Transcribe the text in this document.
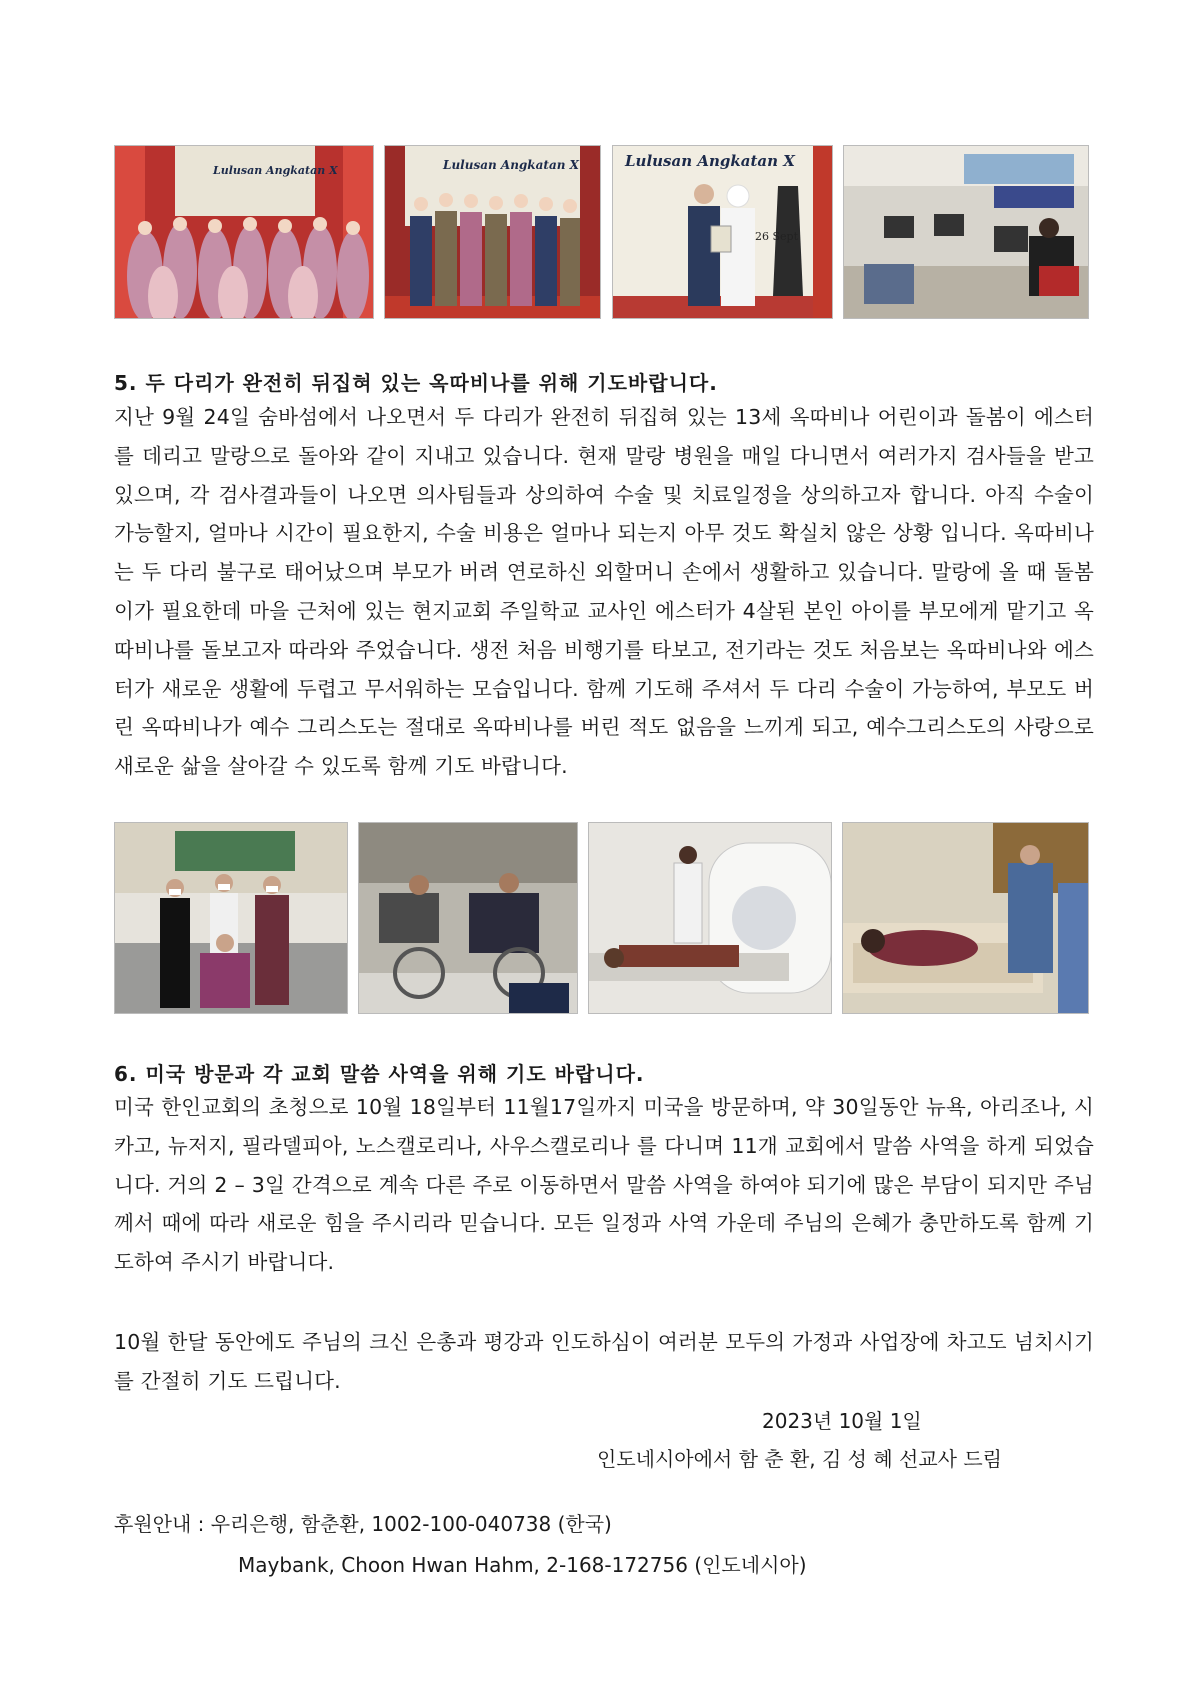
Lulusan Angkatan X	Lulusan Angkatan X	Lulusan Angkatan X
26 Sept
5. 두 다리가 완전히 뒤집혀 있는 옥따비나를 위해 기도바랍니다.

지난 9월 24일 숨바섬에서 나오면서 두 다리가 완전히 뒤집혀 있는 13세 옥따비나 어린이과 돌봄이 에스터를 데리고 말랑으로 돌아와 같이 지내고 있습니다. 현재 말랑 병원을 매일 다니면서 여러가지 검사들을 받고 있으며, 각 검사결과들이 나오면 의사팀들과 상의하여 수술 및 치료일정을 상의하고자 합니다. 아직 수술이 가능할지, 얼마나 시간이 필요한지, 수술 비용은 얼마나 되는지 아무 것도 확실치 않은 상황 입니다. 옥따비나는 두 다리 불구로 태어났으며 부모가 버려 연로하신 외할머니 손에서 생활하고 있습니다. 말랑에 올 때 돌봄이가 필요한데 마을 근처에 있는 현지교회 주일학교 교사인 에스터가 4살된 본인 아이를 부모에게 맡기고 옥따비나를 돌보고자 따라와 주었습니다. 생전 처음 비행기를 타보고, 전기라는 것도 처음보는 옥따비나와 에스터가 새로운 생활에 두렵고 무서워하는 모습입니다. 함께 기도해 주셔서 두 다리 수술이 가능하여, 부모도 버린 옥따비나가 예수 그리스도는 절대로 옥따비나를 버린 적도 없음을 느끼게 되고, 예수그리스도의 사랑으로 새로운 삶을 살아갈 수 있도록 함께 기도 바랍니다.

6. 미국 방문과 각 교회 말씀 사역을 위해 기도 바랍니다.

미국 한인교회의 초청으로 10월 18일부터 11월17일까지 미국을 방문하며, 약 30일동안 뉴욕, 아리조나, 시카고, 뉴저지, 필라델피아, 노스캘로리나, 사우스캘로리나 를 다니며 11개 교회에서 말씀 사역을 하게 되었습니다. 거의 2 – 3일 간격으로 계속 다른 주로 이동하면서 말씀 사역을 하여야 되기에 많은 부담이 되지만 주님께서 때에 따라 새로운 힘을 주시리라 믿습니다. 모든 일정과 사역 가운데 주님의 은혜가 충만하도록 함께 기도하여 주시기 바랍니다.

10월 한달 동안에도 주님의 크신 은총과 평강과 인도하심이 여러분 모두의 가정과 사업장에 차고도 넘치시기를 간절히 기도 드립니다.

2023년 10월 1일
인도네시아에서 함 춘 환, 김 성 혜 선교사 드림
후원안내 : 우리은행, 함춘환, 1002-100-040738 (한국)
Maybank, Choon Hwan Hahm, 2-168-172756 (인도네시아)
